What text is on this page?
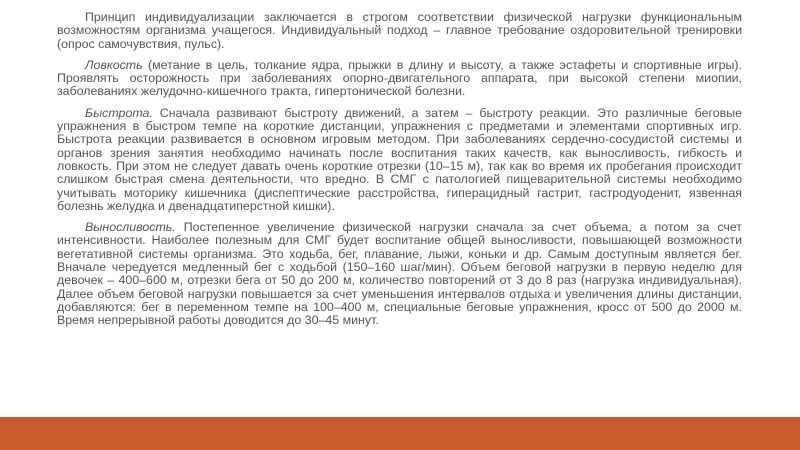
Принцип индивидуализации заключается в строгом соответствии физической нагрузки функциональным возможностям организма учащегося. Индивидуальный подход – главное требование оздоровительной тренировки (опрос самочувствия, пульс).

Ловкость (метание в цель, толкание ядра, прыжки в длину и высоту, а также эстафеты и спортивные игры). Проявлять осторожность при заболеваниях опорно-двигательного аппарата, при высокой степени миопии, заболеваниях желудочно-кишечного тракта, гипертонической болезни.

Быстрота. Сначала развивают быстроту движений, а затем – быстроту реакции. Это различные беговые упражнения в быстром темпе на короткие дистанции, упражнения с предметами и элементами спортивных игр. Быстрота реакции развивается в основном игровым методом. При заболеваниях сердечно-сосудистой системы и органов зрения занятия необходимо начинать после воспитания таких качеств, как выносливость, гибкость и ловкость. При этом не следует давать очень короткие отрезки (10–15 м), так как во время их пробегания происходит слишком быстрая смена деятельности, что вредно. В СМГ с патологией пищеварительной системы необходимо учитывать моторику кишечника (диспептические расстройства, гиперацидный гастрит, гастродуоденит, язвенная болезнь желудка и двенадцатиперстной кишки).

Выносливость. Постепенное увеличение физической нагрузки сначала за счет объема, а потом за счет интенсивности. Наиболее полезным для СМГ будет воспитание общей выносливости, повышающей возможности вегетативной системы организма. Это ходьба, бег, плавание, лыжи, коньки и др. Самым доступным является бег. Вначале чередуется медленный бег с ходьбой (150–160 шаг/мин). Объем беговой нагрузки в первую неделю для девочек – 400–600 м, отрезки бега от 50 до 200 м, количество повторений от 3 до 8 раз (нагрузка индивидуальная). Далее объем беговой нагрузки повышается за счет уменьшения интервалов отдыха и увеличения длины дистанции, добавляются: бег в переменном темпе на 100–400 м, специальные беговые упражнения, кросс от 500 до 2000 м. Время непрерывной работы доводится до 30–45 минут.
